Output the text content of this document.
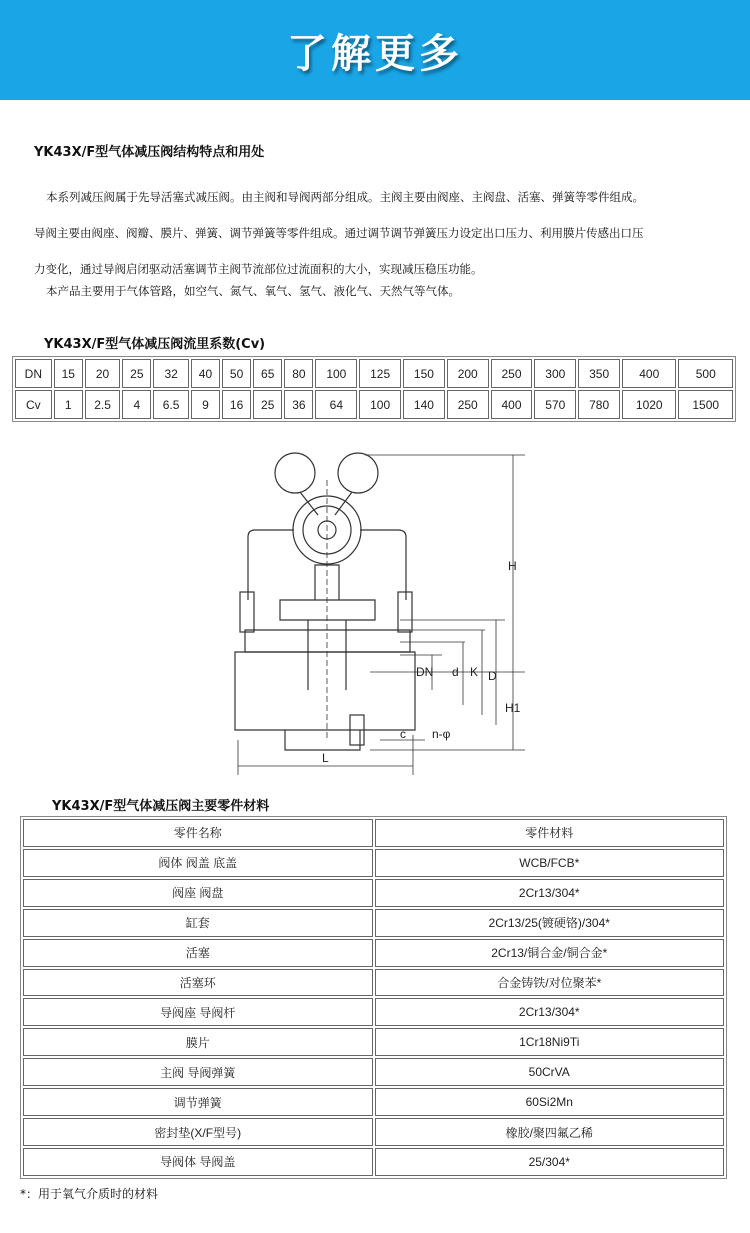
了解更多
YK43X/F型气体减压阀结构特点和用处
本系列减压阀属于先导活塞式减压阀。由主阀和导阀两部分组成。主阀主要由阀座、主阀盘、活塞、弹簧等零件组成。
导阀主要由阀座、阀瓣、膜片、弹簧、调节弹簧等零件组成。通过调节调节弹簧压力设定出口压力、利用膜片传感出口压
力变化，通过导阀启闭驱动活塞调节主阀节流部位过流面积的大小，实现减压稳压功能。
本产品主要用于气体管路，如空气、氮气、氧气、氢气、液化气、天然气等气体。
YK43X/F型气体减压阀流里系数(Cv)
DN	15	20	25	32	40	50	65	80	100	125	150	200	250	300	350	400	500
Cv	1	2.5	4	6.5	9	16	25	36	64	100	140	250	400	570	780	1020	1500
H
H1
D
K
d
DN
L
c n-φ
YK43X/F型气体减压阀主要零件材料
零件名称	零件材料
阀体 阀盖 底盖	WCB/FCB*
阀座 阀盘	2Cr13/304*
缸套	2Cr13/25(镀硬铬)/304*
活塞	2Cr13/铜合金/铜合金*
活塞环	合金铸铁/对位聚苯*
导阀座 导阀杆	2Cr13/304*
膜片	1Cr18Ni9Ti
主阀 导阀弹簧	50CrVA
调节弹簧	60Si2Mn
密封垫(X/F型号)	橡胶/聚四氟乙稀
导阀体 导阀盖	25/304*
*：用于氧气介质时的材料
